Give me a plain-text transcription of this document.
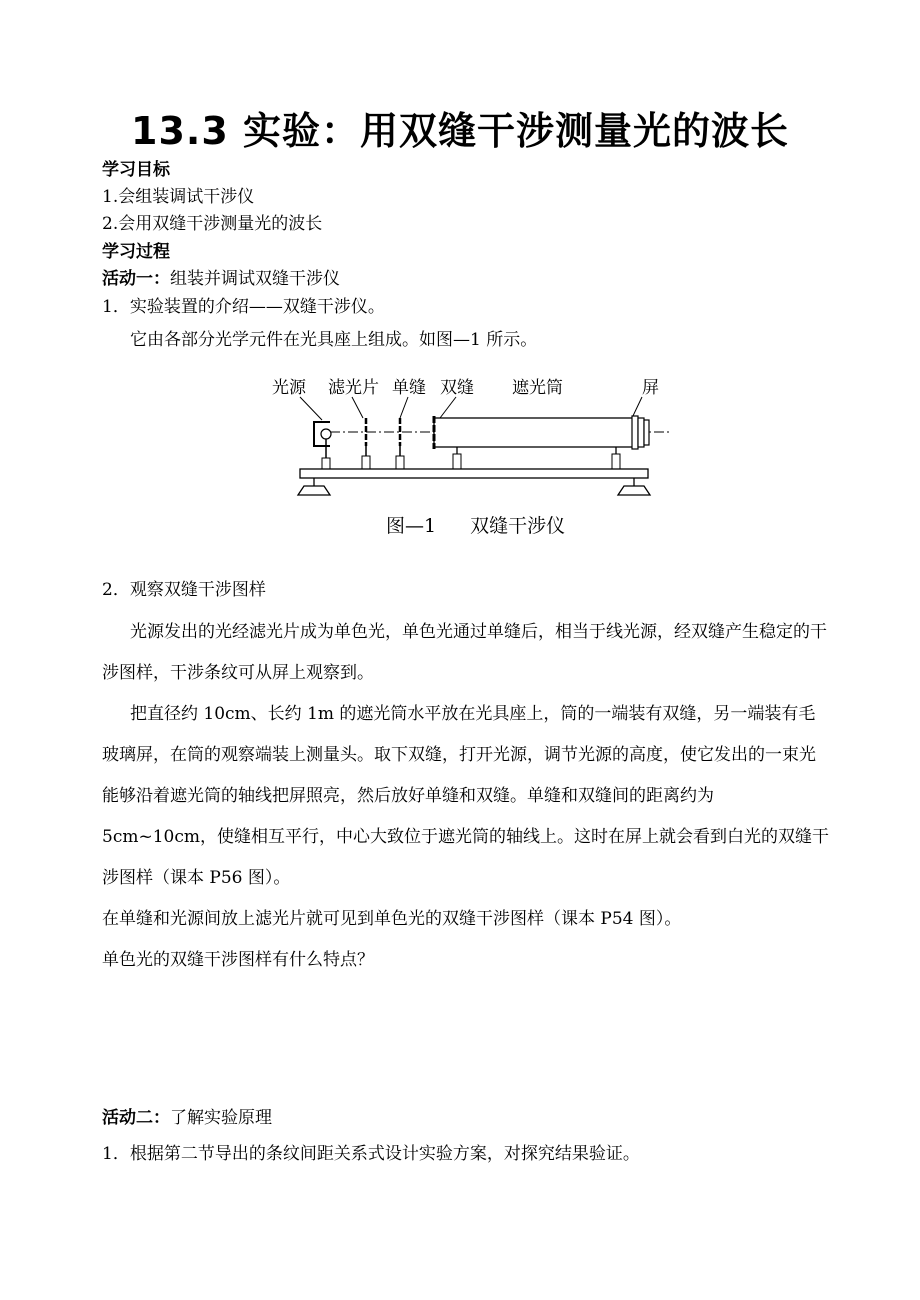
13.3 实验：用双缝干涉测量光的波长
学习目标
1.会组装调试干涉仪
2.会用双缝干涉测量光的波长
学习过程
活动一：组装并调试双缝干涉仪
1．实验装置的介绍——双缝干涉仪。
它由各部分光学元件在光具座上组成。如图—1 所示。
光源 滤光片 单缝 双缝 遮光筒	屏
图—1 双缝干涉仪
2．观察双缝干涉图样
光源发出的光经滤光片成为单色光，单色光通过单缝后，相当于线光源，经双缝产生稳定的干涉图样，干涉条纹可从屏上观察到。
把直径约 10cm、长约 1m 的遮光筒水平放在光具座上，筒的一端装有双缝，另一端装有毛玻璃屏，在筒的观察端装上测量头。取下双缝，打开光源，调节光源的高度，使它发出的一束光能够沿着遮光筒的轴线把屏照亮，然后放好单缝和双缝。单缝和双缝间的距离约为 5cm~10cm，使缝相互平行，中心大致位于遮光筒的轴线上。这时在屏上就会看到白光的双缝干涉图样（课本 P56 图）。
在单缝和光源间放上滤光片就可见到单色光的双缝干涉图样（课本 P54 图）。
单色光的双缝干涉图样有什么特点？
活动二：了解实验原理
1．根据第二节导出的条纹间距关系式设计实验方案，对探究结果验证。
